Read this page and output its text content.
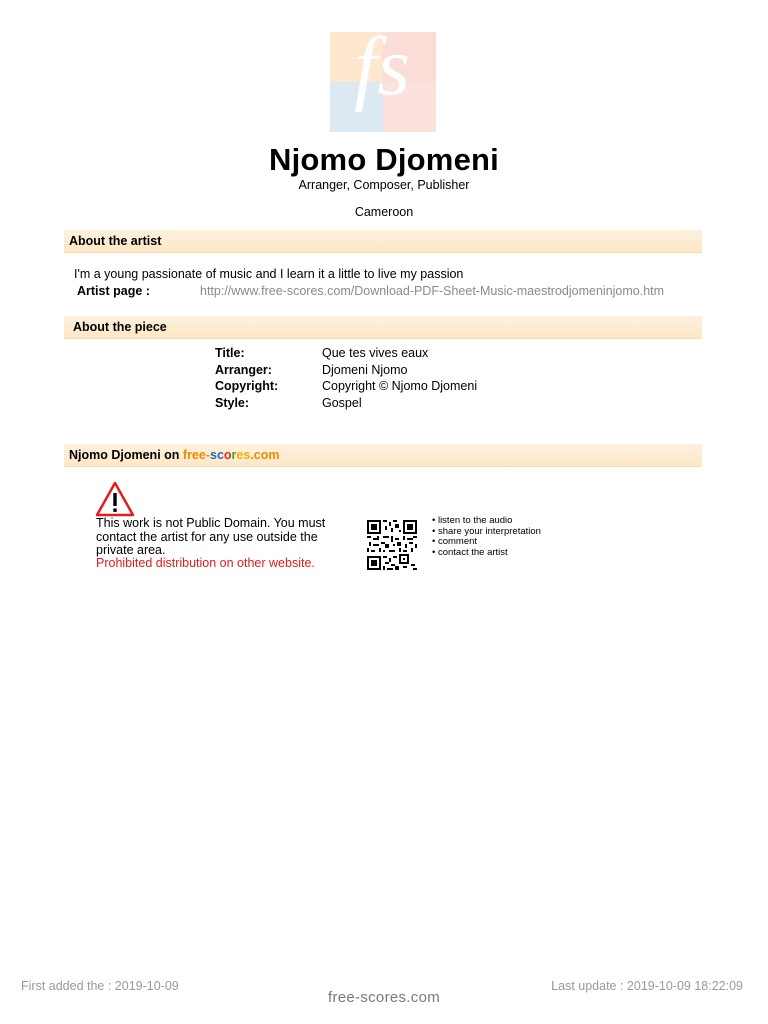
fs
Njomo Djomeni
Arranger, Composer, Publisher
Cameroon
About the artist
I'm a young passionate of music and I learn it a little to live my passion
Artist page :	http://www.free-scores.com/Download-PDF-Sheet-Music-maestrodjomeninjomo.htm
About the piece
Title:	Que tes vives eaux
Arranger:	Djomeni Njomo
Copyright:	Copyright © Njomo Djomeni
Style:	Gospel
Njomo Djomeni on free-scores.com
This work is not Public Domain. You must contact the artist for any use outside the private area.
Prohibited distribution on other website.
• listen to the audio
• share your interpretation
• comment
• contact the artist
First added the : 2019-10-09	Last update : 2019-10-09 18:22:09
free-scores.com
